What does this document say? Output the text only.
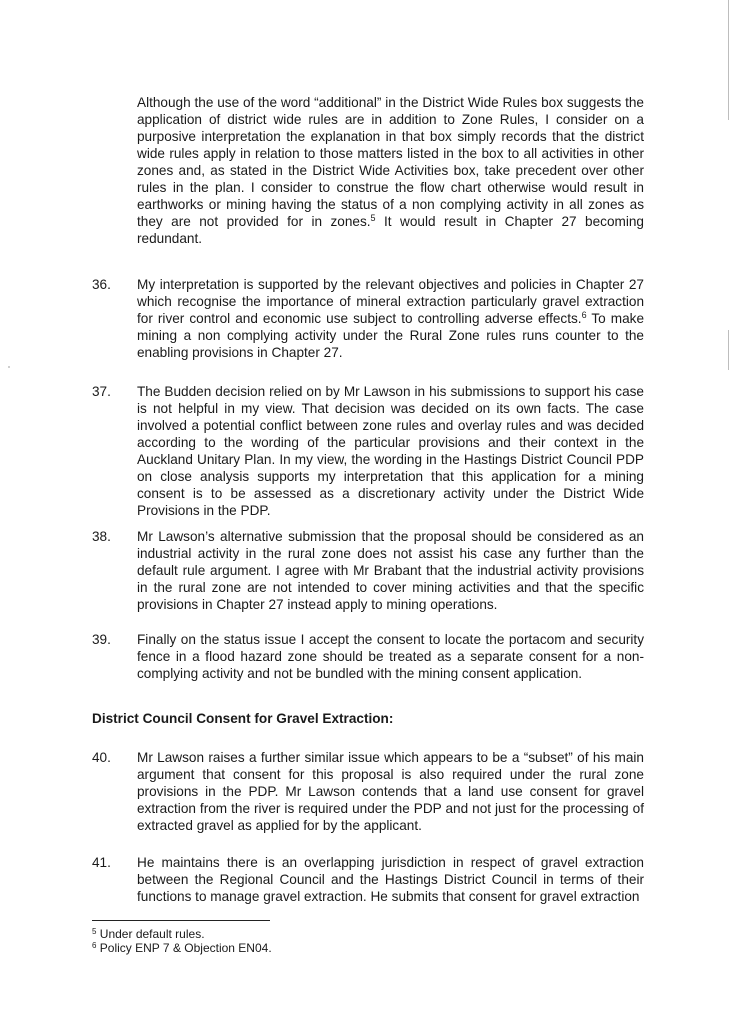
Although the use of the word “additional” in the District Wide Rules box suggests the application of district wide rules are in addition to Zone Rules, I consider on a purposive interpretation the explanation in that box simply records that the district wide rules apply in relation to those matters listed in the box to all activities in other zones and, as stated in the District Wide Activities box, take precedent over other rules in the plan. I consider to construe the flow chart otherwise would result in earthworks or mining having the status of a non complying activity in all zones as they are not provided for in zones.$^5$ It would result in Chapter 27 becoming redundant.
36. My interpretation is supported by the relevant objectives and policies in Chapter 27 which recognise the importance of mineral extraction particularly gravel extraction for river control and economic use subject to controlling adverse effects.$^6$ To make mining a non complying activity under the Rural Zone rules runs counter to the enabling provisions in Chapter 27.
37. The Budden decision relied on by Mr Lawson in his submissions to support his case is not helpful in my view. That decision was decided on its own facts. The case involved a potential conflict between zone rules and overlay rules and was decided according to the wording of the particular provisions and their context in the Auckland Unitary Plan. In my view, the wording in the Hastings District Council PDP on close analysis supports my interpretation that this application for a mining consent is to be assessed as a discretionary activity under the District Wide Provisions in the PDP.
38. Mr Lawson’s alternative submission that the proposal should be considered as an industrial activity in the rural zone does not assist his case any further than the default rule argument. I agree with Mr Brabant that the industrial activity provisions in the rural zone are not intended to cover mining activities and that the specific provisions in Chapter 27 instead apply to mining operations.
39. Finally on the status issue I accept the consent to locate the portacom and security fence in a flood hazard zone should be treated as a separate consent for a non-complying activity and not be bundled with the mining consent application.
District Council Consent for Gravel Extraction:
40. Mr Lawson raises a further similar issue which appears to be a “subset” of his main argument that consent for this proposal is also required under the rural zone provisions in the PDP. Mr Lawson contends that a land use consent for gravel extraction from the river is required under the PDP and not just for the processing of extracted gravel as applied for by the applicant.
41. He maintains there is an overlapping jurisdiction in respect of gravel extraction between the Regional Council and the Hastings District Council in terms of their functions to manage gravel extraction. He submits that consent for gravel extraction
$^5$ Under default rules.
$^6$ Policy ENP 7 & Objection EN04.
